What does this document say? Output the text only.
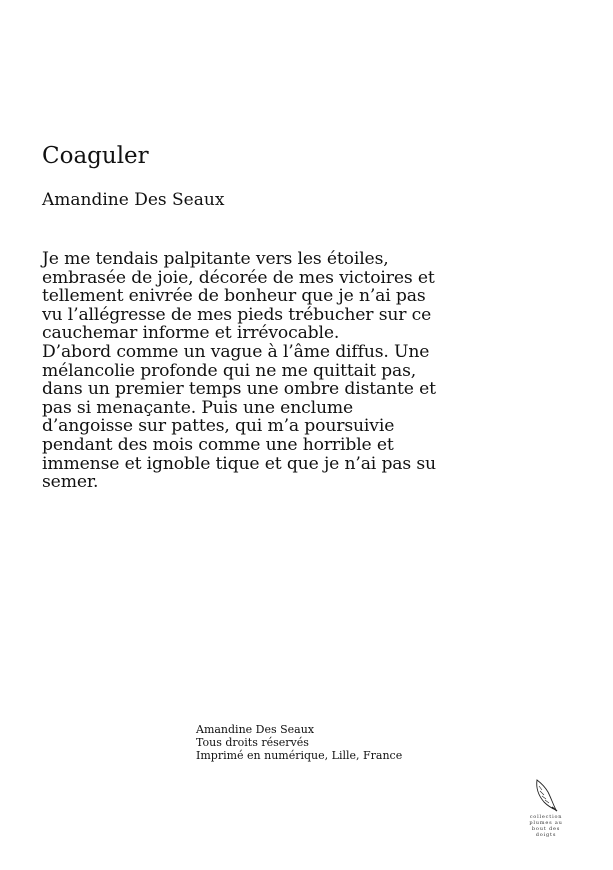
Coaguler

Amandine Des Seaux

Je me tendais palpitante vers les étoiles,
embrasée de joie, décorée de mes victoires et
tellement enivrée de bonheur que je n’ai pas
vu l’allégresse de mes pieds trébucher sur ce
cauchemar informe et irrévocable.
D’abord comme un vague à l’âme diffus. Une
mélancolie profonde qui ne me quittait pas,
dans un premier temps une ombre distante et
pas si menaçante. Puis une enclume
d’angoisse sur pattes, qui m’a poursuivie
pendant des mois comme une horrible et
immense et ignoble tique et que je n’ai pas su
semer.
Amandine Des Seaux
Tous droits réservés
Imprimé en numérique, Lille, France
collection
plumes au
bout des
doigts
